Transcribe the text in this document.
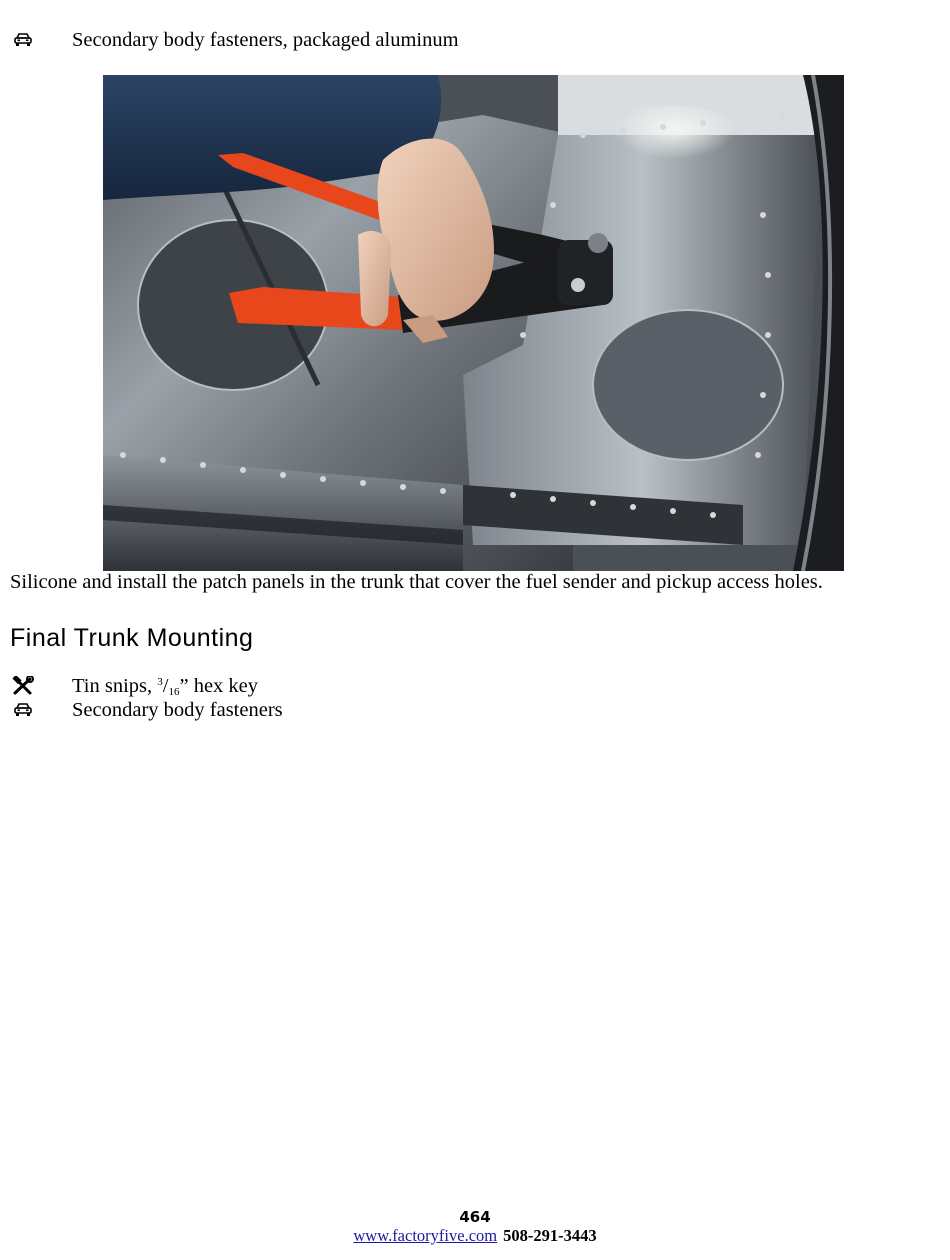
Secondary body fasteners, packaged aluminum
Silicone and install the patch panels in the trunk that cover the fuel sender and pickup access holes.
Final Trunk Mounting
Tin snips, $^3/_{16}$” hex key
Secondary body fasteners
464
www.factoryfive.com 508-291-3443
